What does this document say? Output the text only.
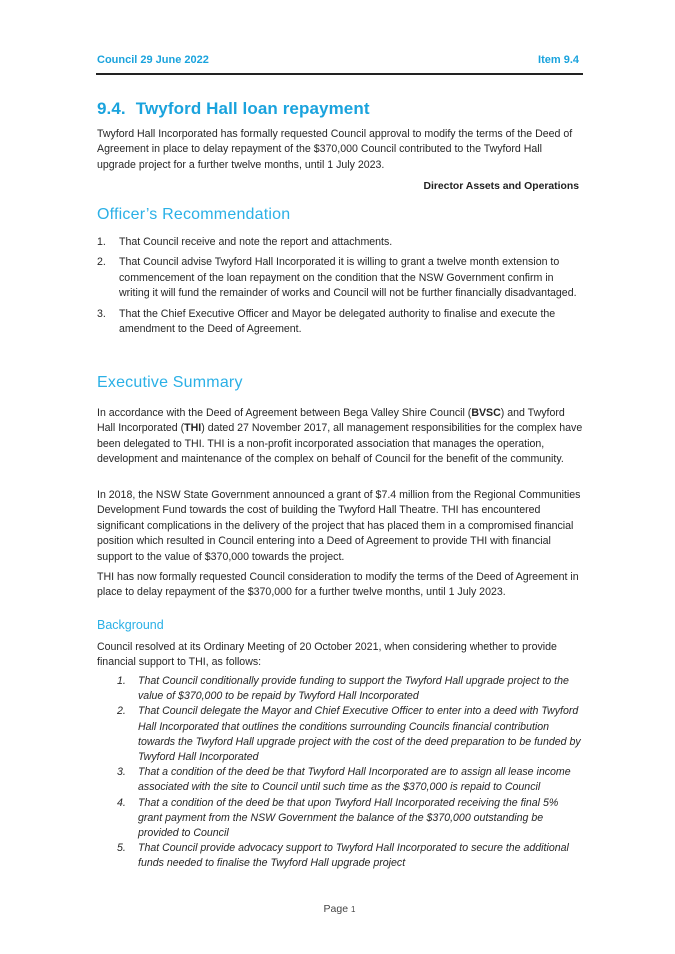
Council 29 June 2022	Item 9.4
9.4. Twyford Hall loan repayment

Twyford Hall Incorporated has formally requested Council approval to modify the terms of the Deed of Agreement in place to delay repayment of the $370,000 Council contributed to the Twyford Hall upgrade project for a further twelve months, until 1 July 2023.

Director Assets and Operations
Officer’s Recommendation
1. That Council receive and note the report and attachments.
2. That Council advise Twyford Hall Incorporated it is willing to grant a twelve month extension to commencement of the loan repayment on the condition that the NSW Government confirm in writing it will fund the remainder of works and Council will not be further financially disadvantaged.
3. That the Chief Executive Officer and Mayor be delegated authority to finalise and execute the amendment to the Deed of Agreement.
Executive Summary

In accordance with the Deed of Agreement between Bega Valley Shire Council (BVSC) and Twyford Hall Incorporated (THI) dated 27 November 2017, all management responsibilities for the complex have been delegated to THI. THI is a non-profit incorporated association that manages the operation, development and maintenance of the complex on behalf of Council for the benefit of the community.

In 2018, the NSW State Government announced a grant of $7.4 million from the Regional Communities Development Fund towards the cost of building the Twyford Hall Theatre. THI has encountered significant complications in the delivery of the project that has placed them in a compromised financial position which resulted in Council entering into a Deed of Agreement to provide THI with financial support to the value of $370,000 towards the project.

THI has now formally requested Council consideration to modify the terms of the Deed of Agreement in place to delay repayment of the $370,000 for a further twelve months, until 1 July 2023.

Background

Council resolved at its Ordinary Meeting of 20 October 2021, when considering whether to provide financial support to THI, as follows:

1. That Council conditionally provide funding to support the Twyford Hall upgrade project to the value of $370,000 to be repaid by Twyford Hall Incorporated
2. That Council delegate the Mayor and Chief Executive Officer to enter into a deed with Twyford Hall Incorporated that outlines the conditions surrounding Councils financial contribution towards the Twyford Hall upgrade project with the cost of the deed preparation to be funded by Twyford Hall Incorporated
3. That a condition of the deed be that Twyford Hall Incorporated are to assign all lease income associated with the site to Council until such time as the $370,000 is repaid to Council
4. That a condition of the deed be that upon Twyford Hall Incorporated receiving the final 5% grant payment from the NSW Government the balance of the $370,000 outstanding be provided to Council
5. That Council provide advocacy support to Twyford Hall Incorporated to secure the additional funds needed to finalise the Twyford Hall upgrade project
Page 1
